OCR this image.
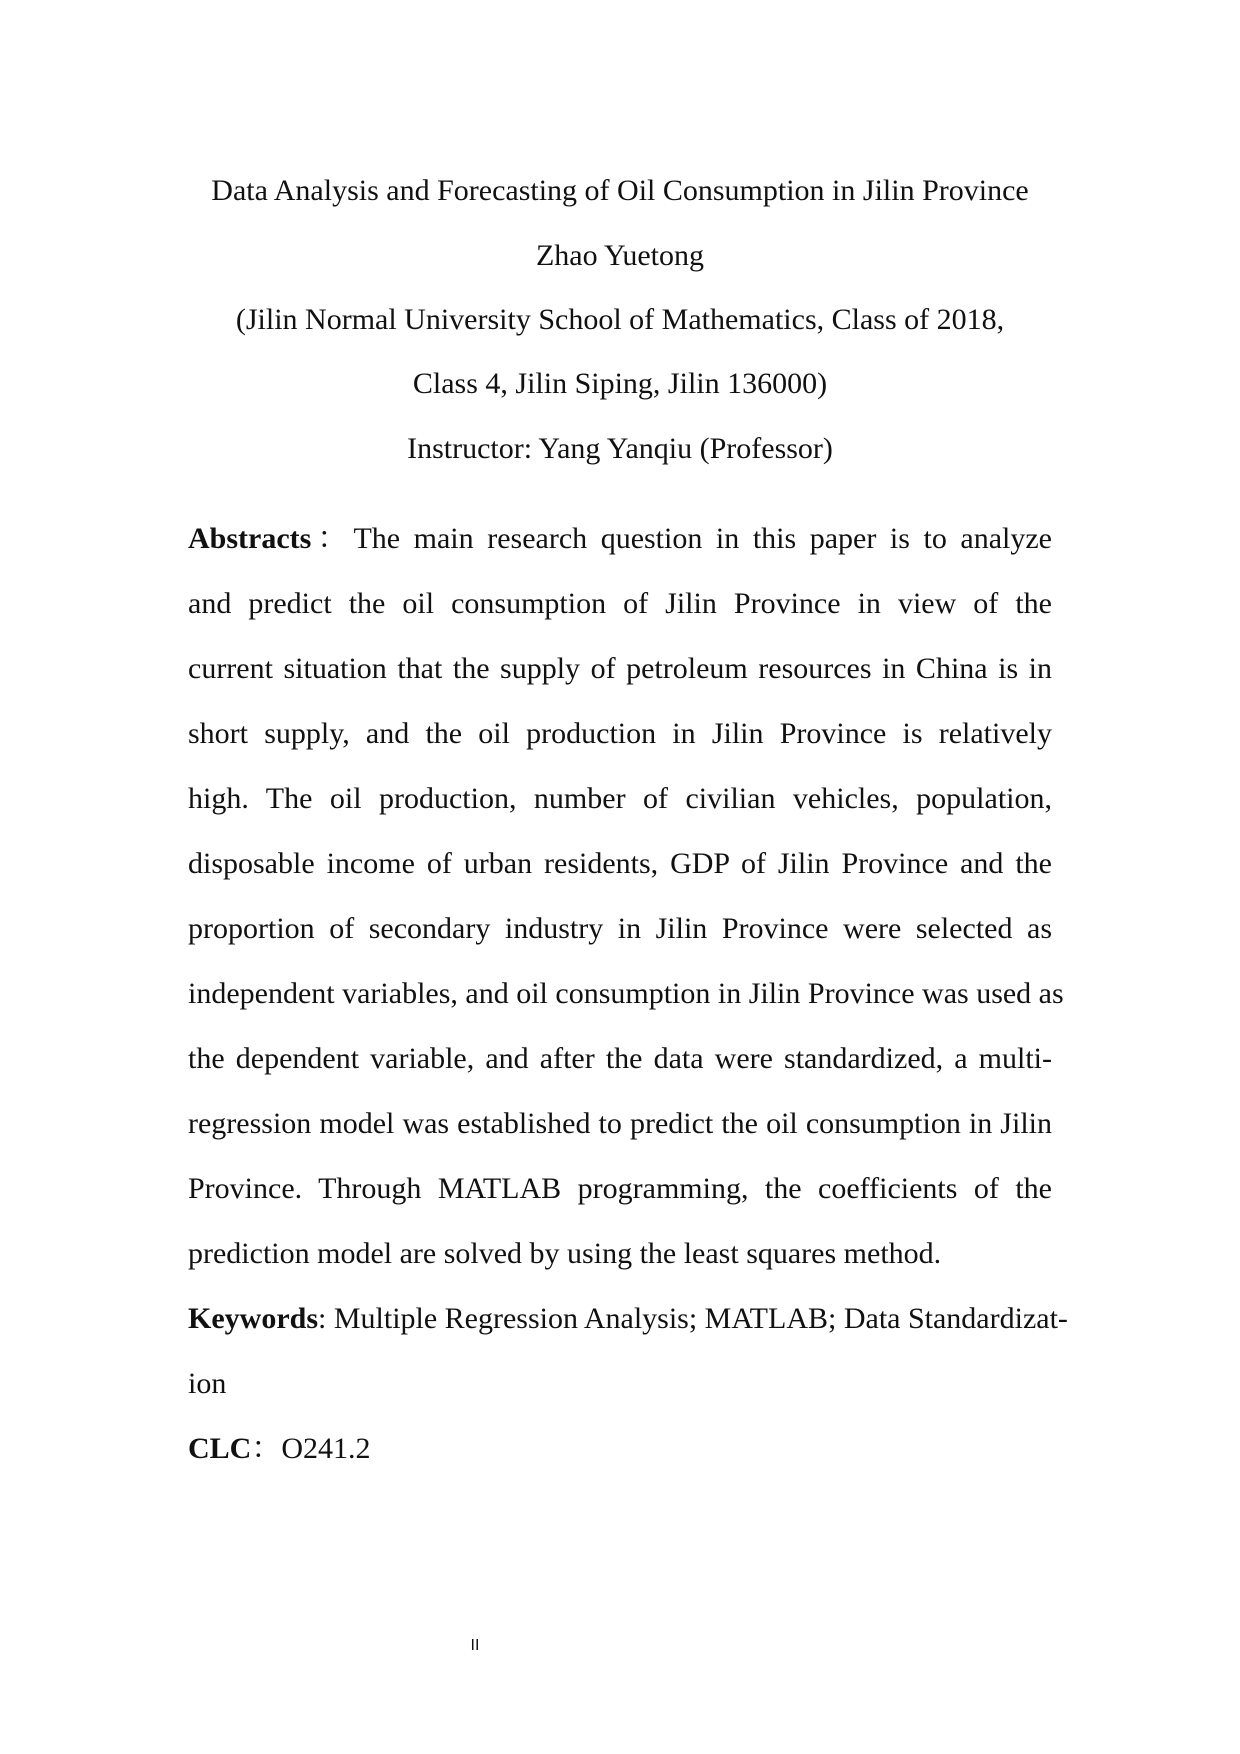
Data Analysis and Forecasting of Oil Consumption in Jilin Province
Zhao Yuetong
(Jilin Normal University School of Mathematics, Class of 2018,
Class 4, Jilin Siping, Jilin 136000)
Instructor: Yang Yanqiu (Professor)
Abstracts：The main research question in this paper is to analyze
and predict the oil consumption of Jilin Province in view of the
current situation that the supply of petroleum resources in China is in
short supply, and the oil production in Jilin Province is relatively
high. The oil production, number of civilian vehicles, population,
disposable income of urban residents, GDP of Jilin Province and the
proportion of secondary industry in Jilin Province were selected as
independent variables, and oil consumption in Jilin Province was used as
the dependent variable, and after the data were standardized, a multi-
regression model was established to predict the oil consumption in Jilin
Province. Through MATLAB programming, the coefficients of the
prediction model are solved by using the least squares method.
Keywords: Multiple Regression Analysis; MATLAB; Data Standardizat-
ion
CLC：O241.2
II
